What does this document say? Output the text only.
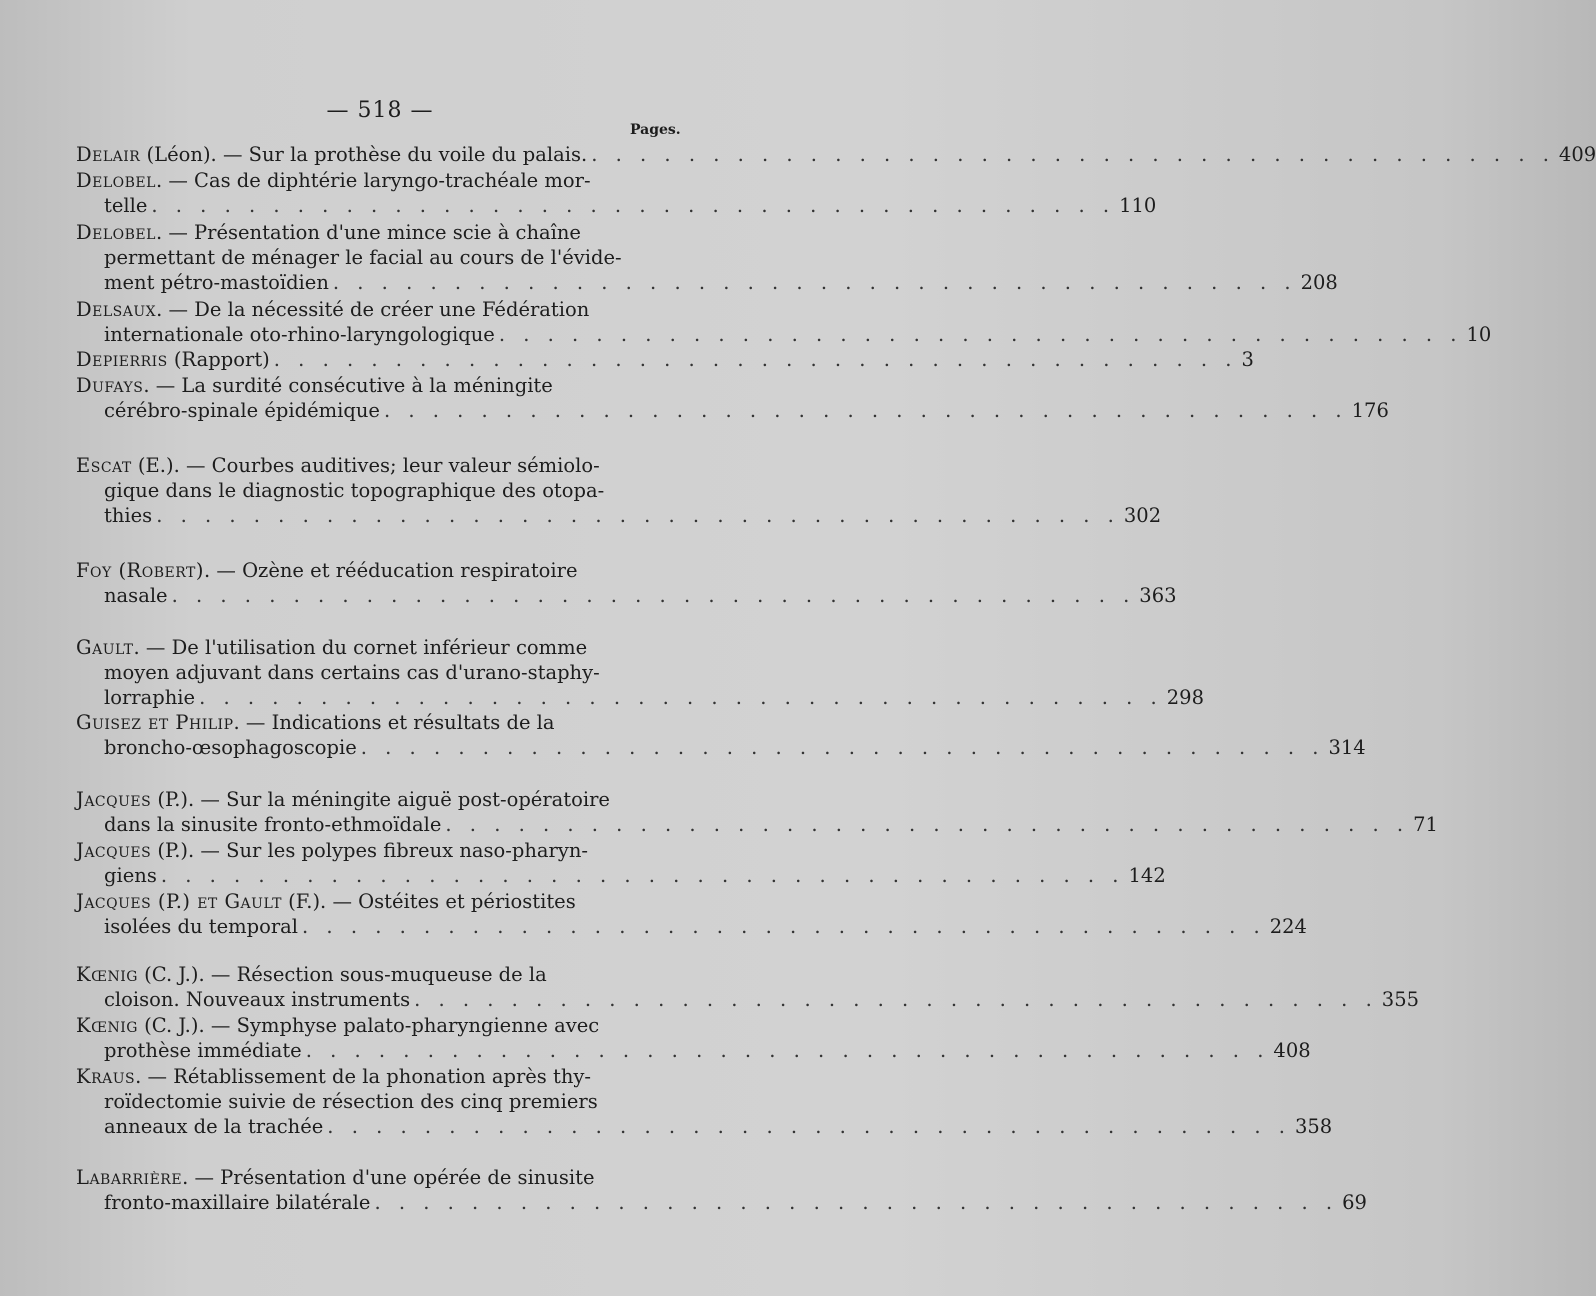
— 518 —
Pages.
Delair (Léon). — Sur la prothèse du voile du palais. . . . . . . . . . . . . . . . . . . . . . . . . . . . . . . . . . . . . . . . . 409
Delobel. — Cas de diphtérie laryngo-trachéale mor-
telle . . . . . . . . . . . . . . . . . . . . . . . . . . . . . . . . . . . . . . . . 110
Delobel. — Présentation d'une mince scie à chaîne
permettant de ménager le facial au cours de l'évide-
ment pétro-mastoïdien . . . . . . . . . . . . . . . . . . . . . . . . . . . . . . . . . . . . . . . . 208
Delsaux. — De la nécessité de créer une Fédération
internationale oto-rhino-laryngologique . . . . . . . . . . . . . . . . . . . . . . . . . . . . . . . . . . . . . . . . 10
Depierris (Rapport) . . . . . . . . . . . . . . . . . . . . . . . . . . . . . . . . . . . . . . . . 3
Dufays. — La surdité consécutive à la méningite
cérébro-spinale épidémique . . . . . . . . . . . . . . . . . . . . . . . . . . . . . . . . . . . . . . . . 176
Escat (E.). — Courbes auditives; leur valeur sémiolo-
gique dans le diagnostic topographique des otopa-
thies . . . . . . . . . . . . . . . . . . . . . . . . . . . . . . . . . . . . . . . . 302
Foy (Robert). — Ozène et rééducation respiratoire
nasale . . . . . . . . . . . . . . . . . . . . . . . . . . . . . . . . . . . . . . . . 363
Gault. — De l'utilisation du cornet inférieur comme
moyen adjuvant dans certains cas d'urano-staphy-
lorraphie . . . . . . . . . . . . . . . . . . . . . . . . . . . . . . . . . . . . . . . . 298
Guisez et Philip. — Indications et résultats de la
broncho-œsophagoscopie . . . . . . . . . . . . . . . . . . . . . . . . . . . . . . . . . . . . . . . . 314
Jacques (P.). — Sur la méningite aiguë post-opératoire
dans la sinusite fronto-ethmoïdale . . . . . . . . . . . . . . . . . . . . . . . . . . . . . . . . . . . . . . . . 71
Jacques (P.). — Sur les polypes fibreux naso-pharyn-
giens . . . . . . . . . . . . . . . . . . . . . . . . . . . . . . . . . . . . . . . . 142
Jacques (P.) et Gault (F.). — Ostéites et périostites
isolées du temporal . . . . . . . . . . . . . . . . . . . . . . . . . . . . . . . . . . . . . . . . 224
Kœnig (C. J.). — Résection sous-muqueuse de la
cloison. Nouveaux instruments . . . . . . . . . . . . . . . . . . . . . . . . . . . . . . . . . . . . . . . . 355
Kœnig (C. J.). — Symphyse palato-pharyngienne avec
prothèse immédiate . . . . . . . . . . . . . . . . . . . . . . . . . . . . . . . . . . . . . . . . 408
Kraus. — Rétablissement de la phonation après thy-
roïdectomie suivie de résection des cinq premiers
anneaux de la trachée . . . . . . . . . . . . . . . . . . . . . . . . . . . . . . . . . . . . . . . . 358
Labarrière. — Présentation d'une opérée de sinusite
fronto-maxillaire bilatérale . . . . . . . . . . . . . . . . . . . . . . . . . . . . . . . . . . . . . . . . 69
